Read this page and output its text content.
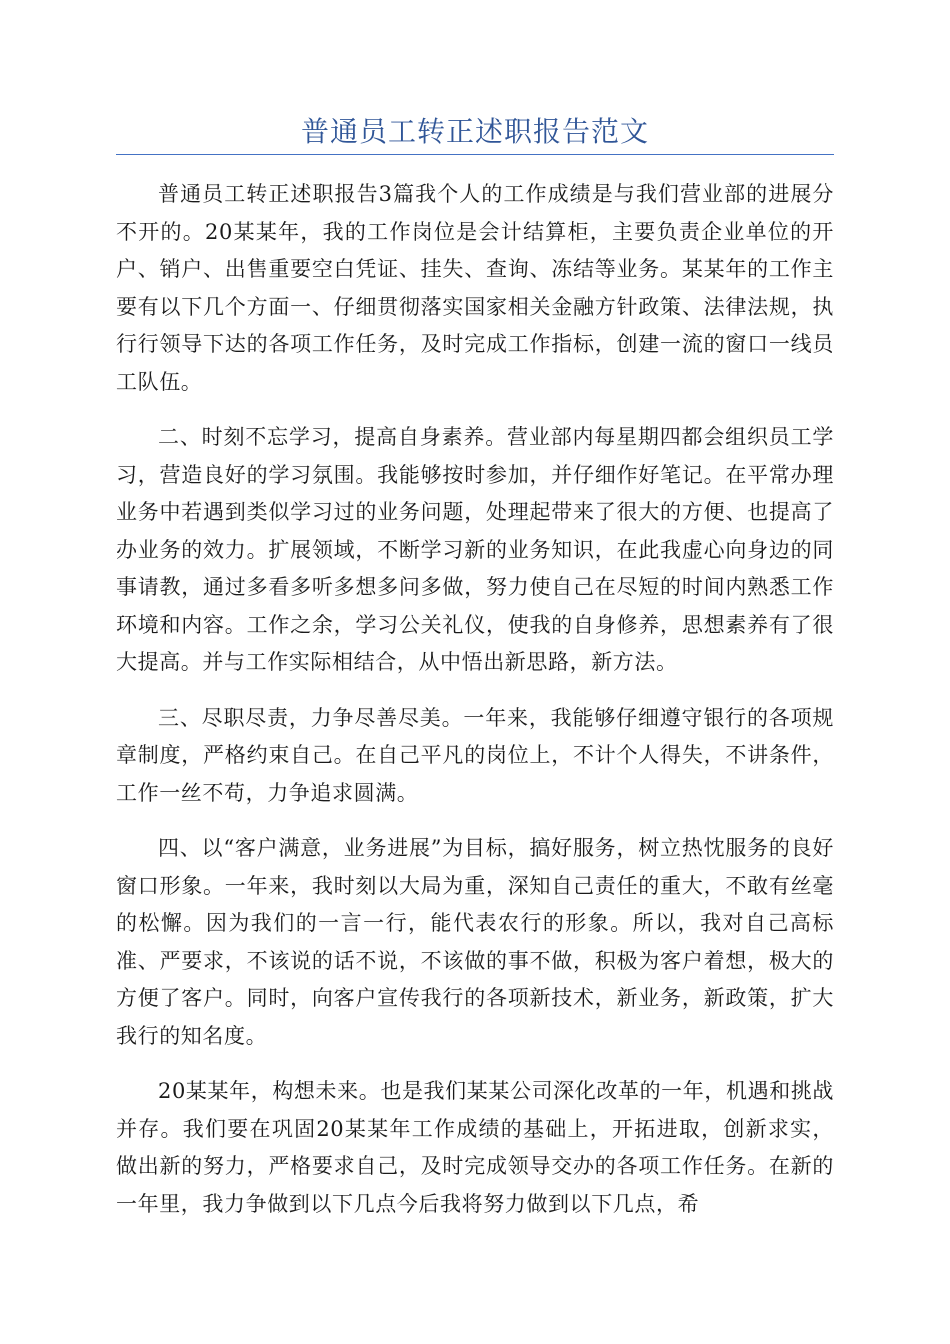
普通员工转正述职报告范文

普通员工转正述职报告3篇我个人的工作成绩是与我们营业部的进展分不开的。20某某年，我的工作岗位是会计结算柜，主要负责企业单位的开户、销户、出售重要空白凭证、挂失、查询、冻结等业务。某某年的工作主要有以下几个方面一、仔细贯彻落实国家相关金融方针政策、法律法规，执行行领导下达的各项工作任务，及时完成工作指标，创建一流的窗口一线员工队伍。

二、时刻不忘学习，提高自身素养。营业部内每星期四都会组织员工学习，营造良好的学习氛围。我能够按时参加，并仔细作好笔记。在平常办理业务中若遇到类似学习过的业务问题，处理起带来了很大的方便、也提高了办业务的效力。扩展领域，不断学习新的业务知识，在此我虚心向身边的同事请教，通过多看多听多想多问多做，努力使自己在尽短的时间内熟悉工作环境和内容。工作之余，学习公关礼仪，使我的自身修养，思想素养有了很大提高。并与工作实际相结合，从中悟出新思路，新方法。

三、尽职尽责，力争尽善尽美。一年来，我能够仔细遵守银行的各项规章制度，严格约束自己。在自己平凡的岗位上，不计个人得失，不讲条件，工作一丝不苟，力争追求圆满。

四、以“客户满意，业务进展”为目标，搞好服务，树立热忱服务的良好窗口形象。一年来，我时刻以大局为重，深知自己责任的重大，不敢有丝毫的松懈。因为我们的一言一行，能代表农行的形象。所以，我对自己高标准、严要求，不该说的话不说，不该做的事不做，积极为客户着想，极大的方便了客户。同时，向客户宣传我行的各项新技术，新业务，新政策，扩大我行的知名度。

20某某年，构想未来。也是我们某某公司深化改革的一年，机遇和挑战并存。我们要在巩固20某某年工作成绩的基础上，开拓进取，创新求实，做出新的努力，严格要求自己，及时完成领导交办的各项工作任务。在新的一年里，我力争做到以下几点今后我将努力做到以下几点，希
